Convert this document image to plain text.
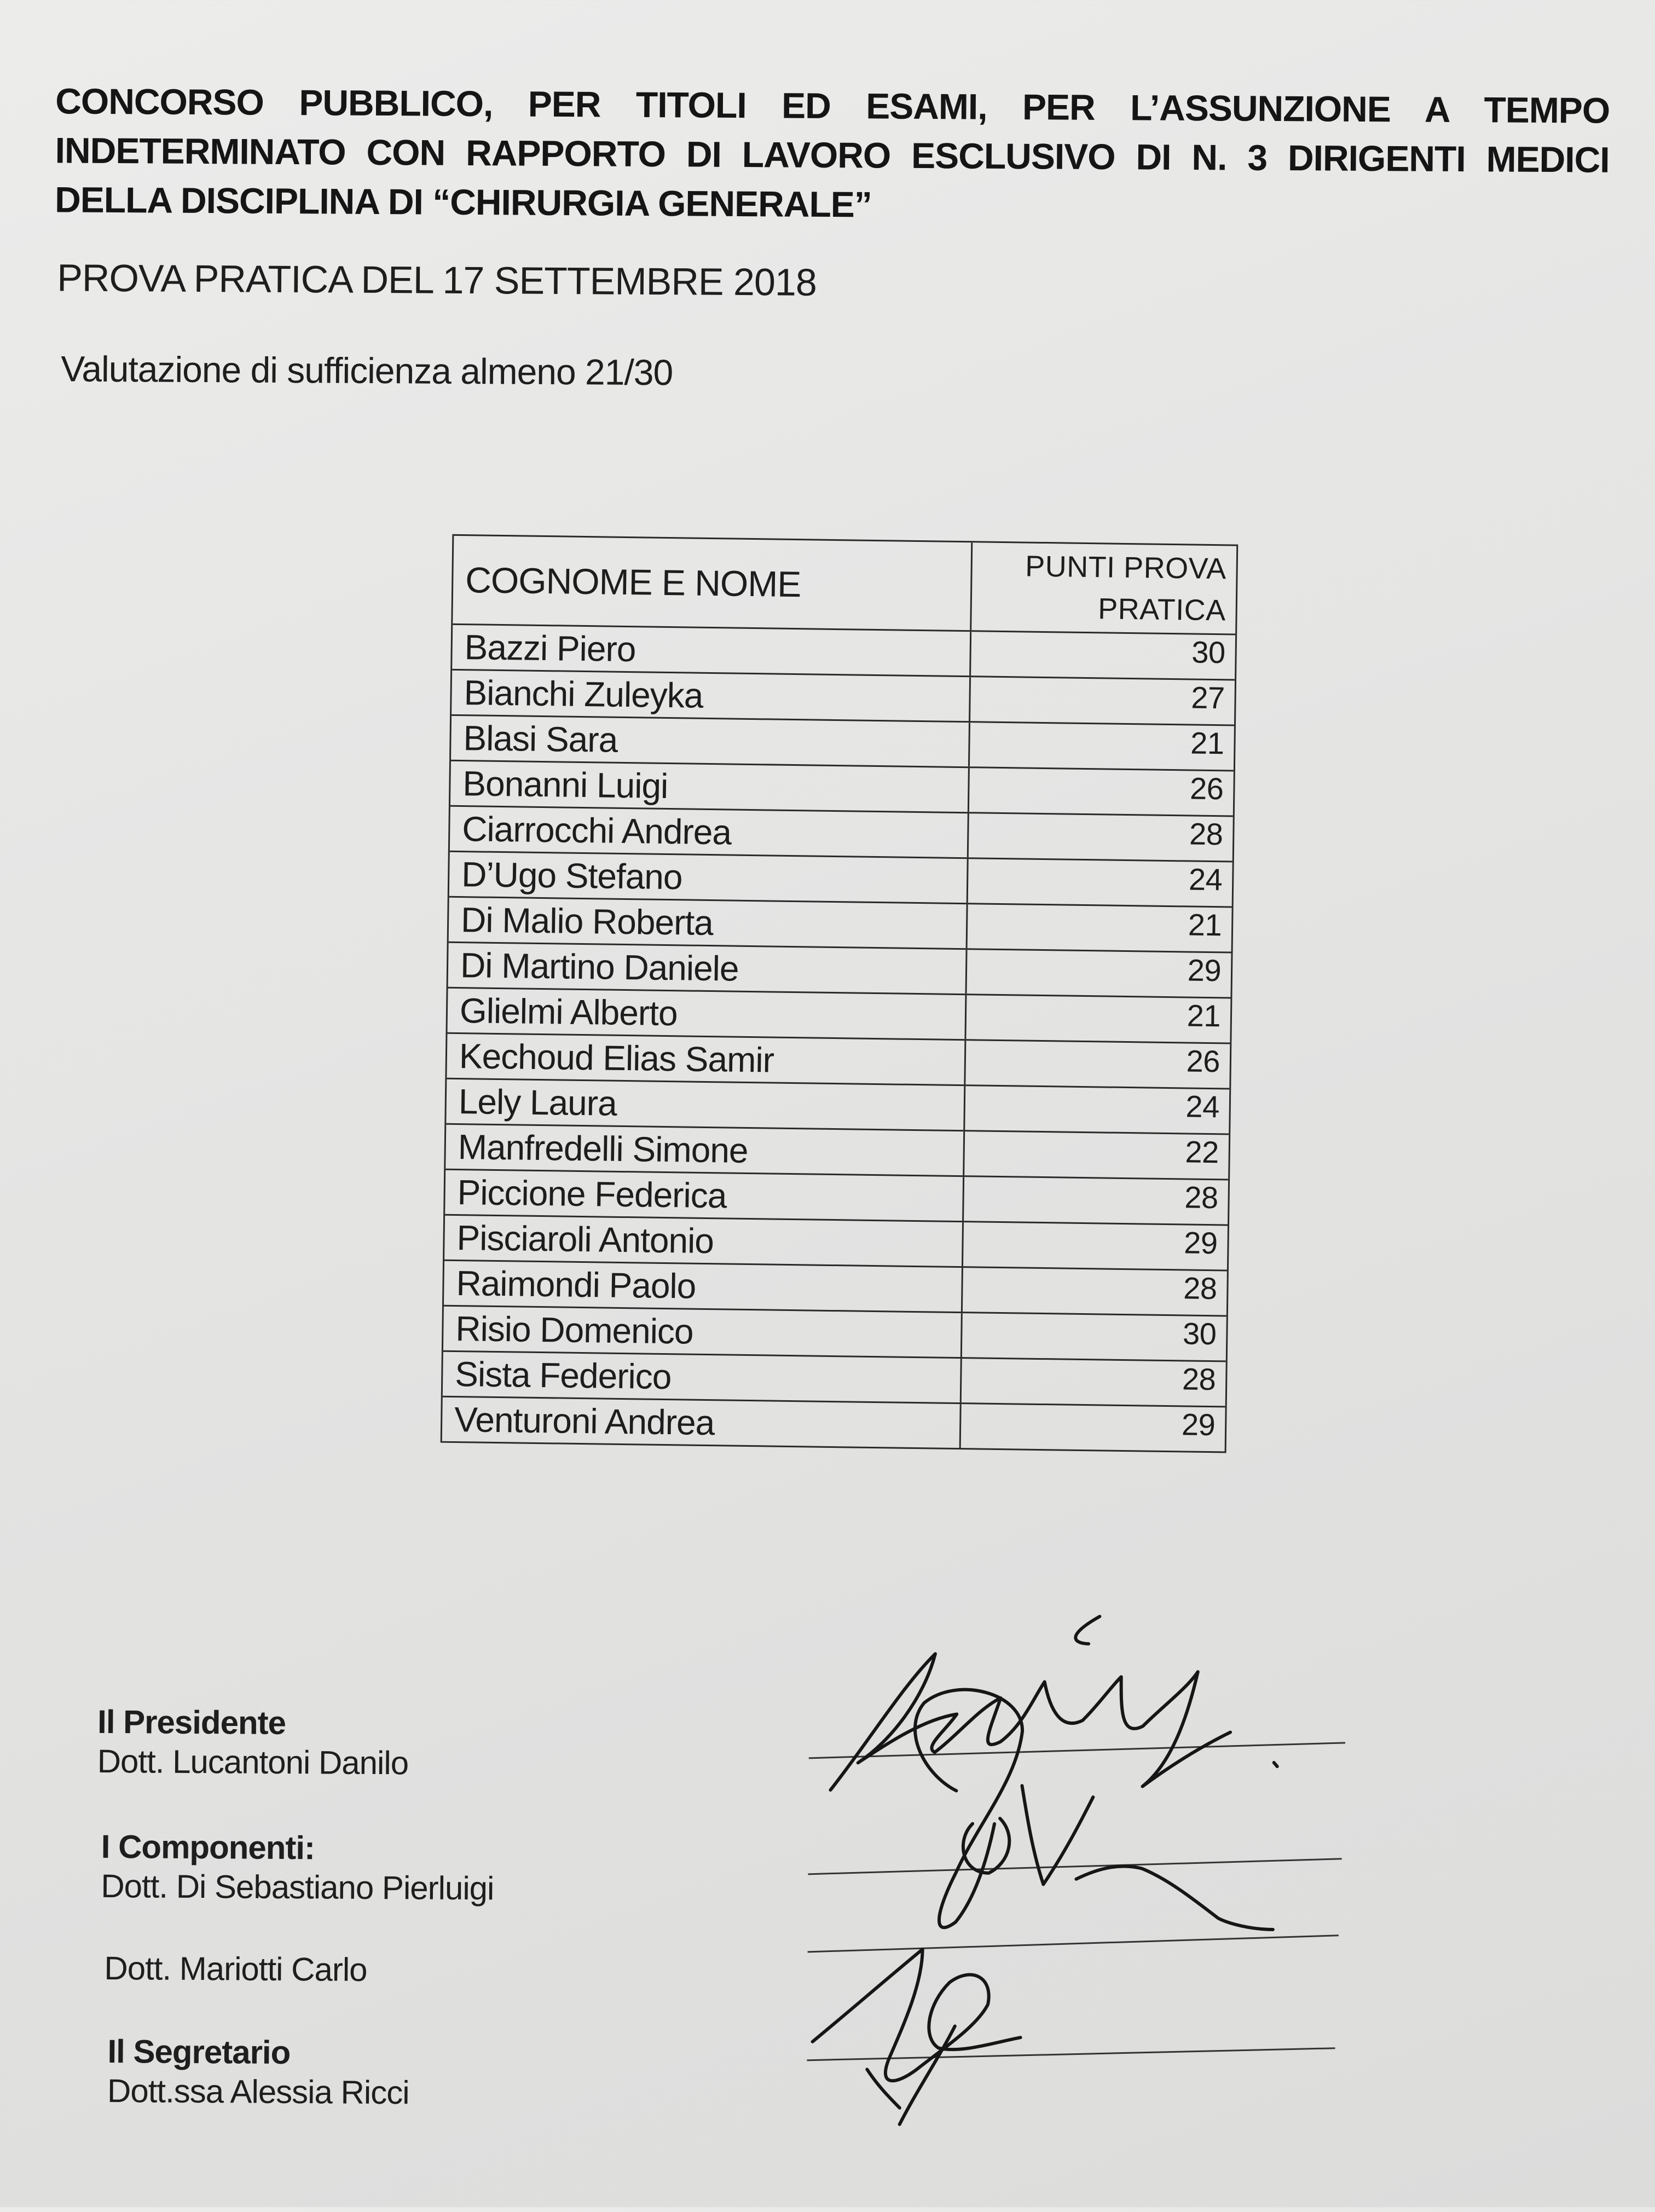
CONCORSO PUBBLICO, PER TITOLI ED ESAMI, PER L’ASSUNZIONE A TEMPO INDETERMINATO CON RAPPORTO DI LAVORO ESCLUSIVO DI N. 3 DIRIGENTI MEDICI DELLA DISCIPLINA DI “CHIRURGIA GENERALE”
PROVA PRATICA DEL 17 SETTEMBRE 2018
Valutazione di sufficienza almeno 21/30
COGNOME E NOME	PUNTI PROVA
PRATICA
Bazzi Piero	30
Bianchi Zuleyka	27
Blasi Sara	21
Bonanni Luigi	26
Ciarrocchi Andrea	28
D’Ugo Stefano	24
Di Malio Roberta	21
Di Martino Daniele	29
Glielmi Alberto	21
Kechoud Elias Samir	26
Lely Laura	24
Manfredelli Simone	22
Piccione Federica	28
Pisciaroli Antonio	29
Raimondi Paolo	28
Risio Domenico	30
Sista Federico	28
Venturoni Andrea	29
Il Presidente
Dott. Lucantoni Danilo
I Componenti:
Dott. Di Sebastiano Pierluigi
Dott. Mariotti Carlo
Il Segretario
Dott.ssa Alessia Ricci
